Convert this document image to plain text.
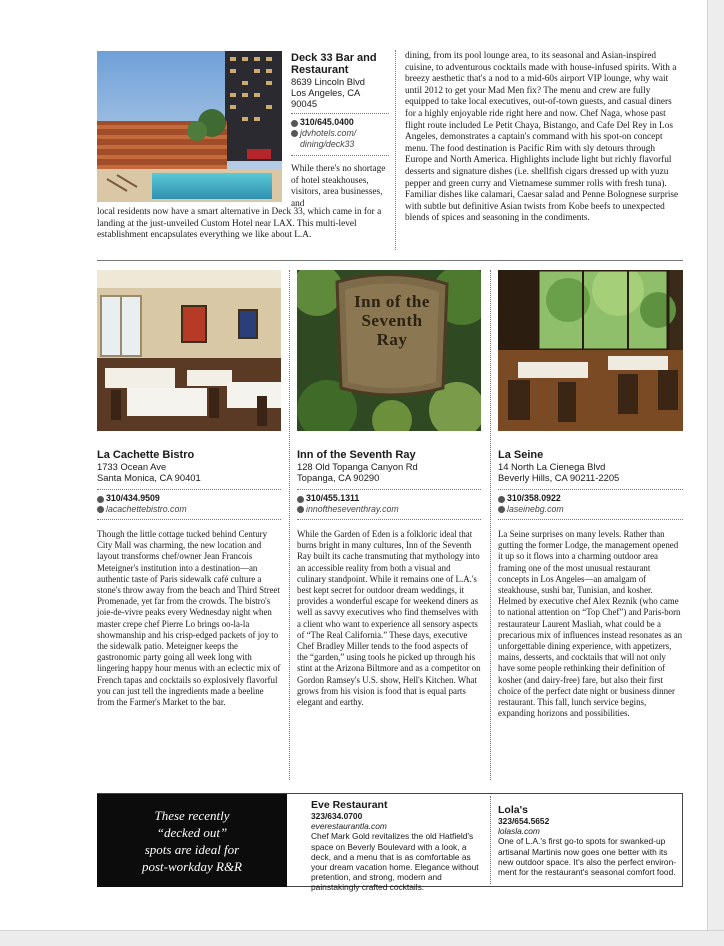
Deck 33 Bar and Restaurant

8639 Lincoln Blvd

Los Angeles, CA

90045

310/645.0400
jdvhotels.com/
dining/deck33

While there's no shortage of hotel steakhouses, visitors, area businesses, and

local residents now have a smart alternative in Deck 33, which came in for a landing at the just-unveiled Custom Hotel near LAX. This multi-level establishment encapsulates everything we like about L.A.

dining, from its pool lounge area, to its seasonal and Asian-inspired cuisine, to adventurous cocktails made with house-infused spirits. With a breezy aesthetic that's a nod to a mid-60s airport VIP lounge, why wait until 2012 to get your Mad Men fix? The menu and crew are fully equipped to take local executives, out-of-town guests, and casual diners for a highly enjoyable ride right here and now. Chef Naga, whose past flight route included Le Petit Chaya, Bistango, and Cafe Del Rey in Los Angeles, demonstrates a captain's command with his spot-on concept menu. The food destination is Pacific Rim with sly detours through Europe and North America. Highlights include light but richly flavorful desserts and signature dishes (i.e. shellfish cigars dressed up with yuzu pepper and green curry and Vietnamese summer rolls with fresh tuna). Familiar dishes like calamari, Caesar salad and Penne Bolognese surprise with subtle but definitive Asian twists from Kobe beefs to unexpected blends of spices and seasoning in the condiments.

Inn of the Seventh Ray

La Cachette Bistro

1733 Ocean Ave

Santa Monica, CA 90401

310/434.9509
lacachettebistro.com

Though the little cottage tucked behind Century City Mall was charming, the new location and layout transforms chef/owner Jean Francois Meteigner's institution into a destination—an authentic taste of Paris sidewalk café culture a stone's throw away from the beach and Third Street Promenade, yet far from the crowds. The bistro's joie-de-vivre peaks every Wednesday night when master crepe chef Pierre Lo brings oo-la-la showmanship and his crisp-edged packets of joy to the sidewalk patio. Meteigner keeps the gastronomic party going all week long with lingering happy hour menus with an eclectic mix of French tapas and cocktails so explosively flavorful you can just tell the ingredients made a beeline from the Farmer's Market to the bar.

Inn of the Seventh Ray

128 Old Topanga Canyon Rd

Topanga, CA 90290

310/455.1311
innoftheseventhray.com

While the Garden of Eden is a folkloric ideal that burns bright in many cultures, Inn of the Seventh Ray built its cache transmuting that mythology into an accessible reality from both a visual and culinary standpoint. While it remains one of L.A.'s best kept secret for outdoor dream weddings, it provides a wonderful escape for weekend diners as well as savvy executives who find themselves with a client who want to experience all sensory aspects of “The Real California.” These days, executive Chef Bradley Miller tends to the food aspects of the “garden,” using tools he picked up through his stint at the Arizona Biltmore and as a competitor on Gordon Ramsey's U.S. show, Hell's Kitchen. What grows from his vision is food that is equal parts elegant and earthy.

La Seine

14 North La Cienega Blvd

Beverly Hills, CA 90211-2205

310/358.0922
laseinebg.com

La Seine surprises on many levels. Rather than gutting the former Lodge, the management opened it up so it flows into a charming outdoor area framing one of the most unusual restaurant concepts in Los Angeles—an amalgam of steakhouse, sushi bar, Tunisian, and kosher. Helmed by executive chef Alex Reznik (who came to national attention on “Top Chef”) and Paris-born restaurateur Laurent Masliah, what could be a precarious mix of influences instead resonates as an unforgettable dining experience, with appetizers, mains, desserts, and cocktails that will not only have some people rethinking their definition of kosher (and dairy-free) fare, but also their first choice of the perfect date night or business dinner restaurant. This fall, lunch service begins, expanding horizons and possibilities.

These recently
“decked out”
spots are ideal for
post-workday R&R

Eve Restaurant

323/634.0700

everestaurantla.com

Chef Mark Gold revitalizes the old Hatfield's space on Beverly Boulevard with a look, a deck, and a menu that is as comfortable as your dream vacation home. Elegance without pretention, and strong, modern and painstakingly crafted cocktails.

Lola's

323/654.5652

lolasla.com

One of L.A.'s first go-to spots for swanked-up artisanal Martinis now goes one better with its new outdoor space. It's also the perfect environ-ment for the restaurant's seasonal comfort food.
